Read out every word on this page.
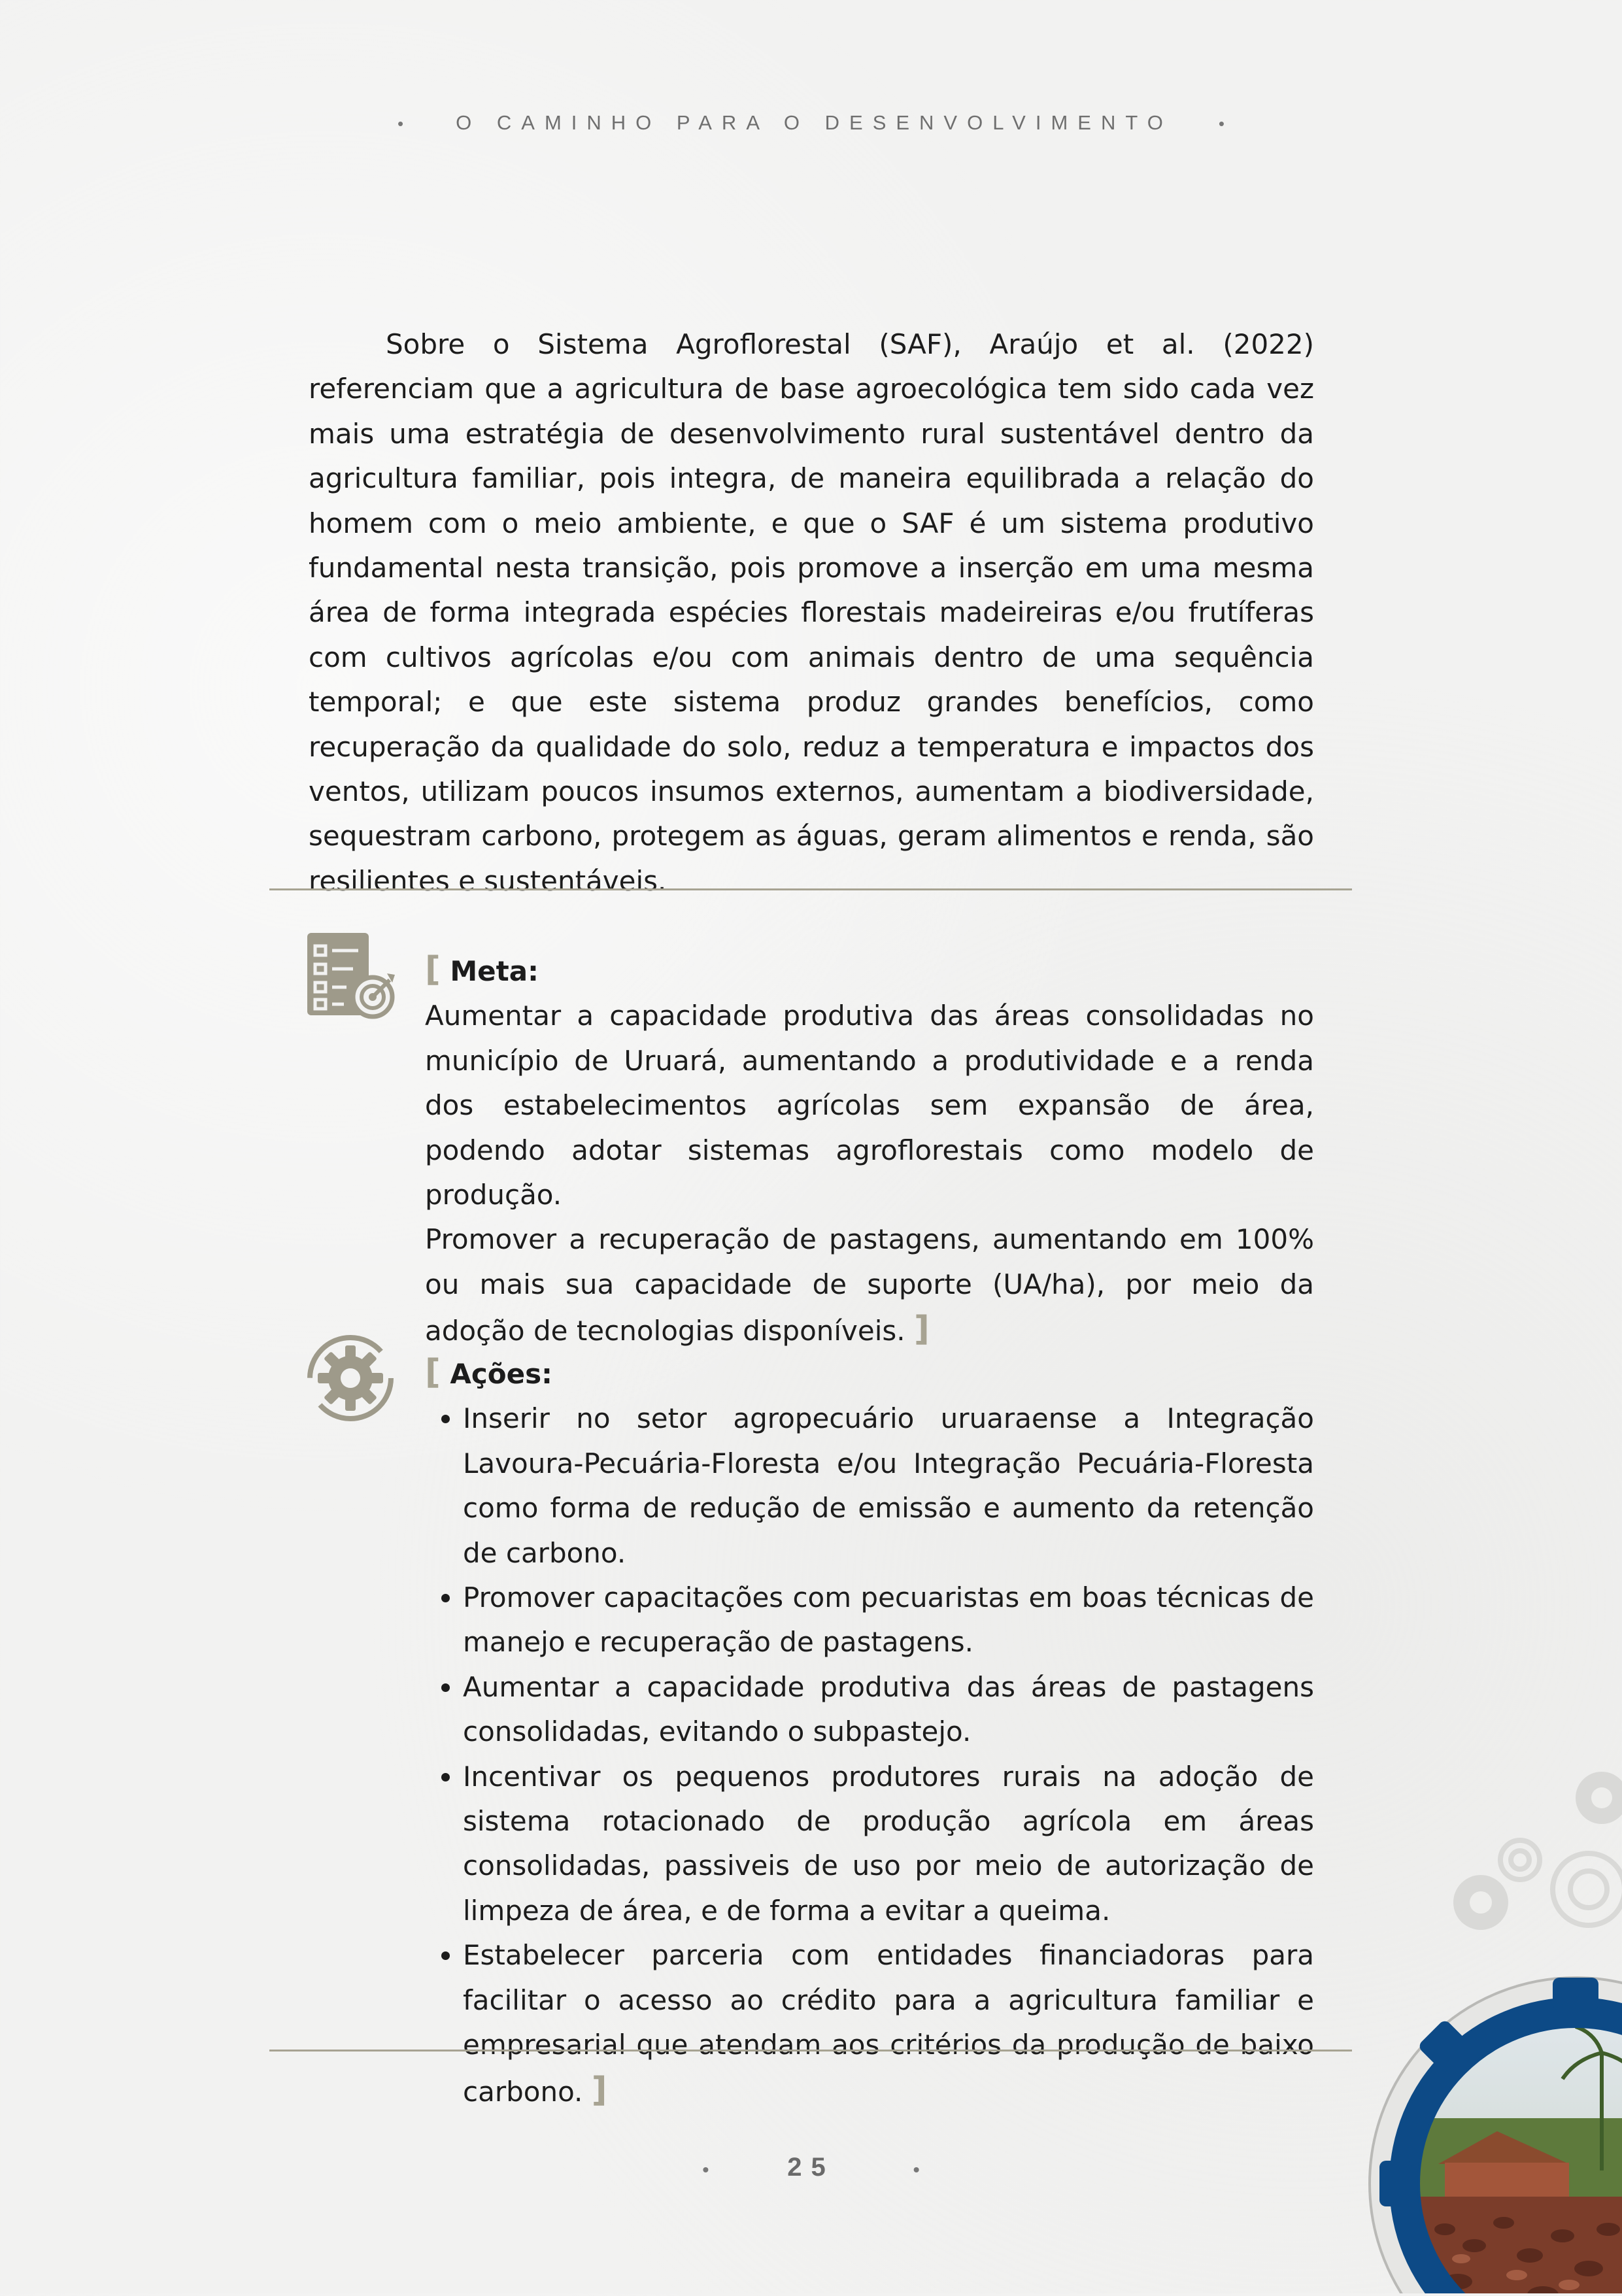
•	O CAMINHO PARA O DESENVOLVIMENTO	•

Sobre o Sistema Agroflorestal (SAF), Araújo et al. (2022) referenciam que a agricultura de base agroecológica tem sido cada vez mais uma estratégia de desenvolvimento rural sustentável dentro da agricultura familiar, pois integra, de maneira equilibrada a relação do homem com o meio ambiente, e que o SAF é um sistema produtivo fundamental nesta transição, pois promove a inserção em uma mesma área de forma integrada espécies florestais madeireiras e/ou frutíferas com cultivos agrícolas e/ou com animais dentro de uma sequência temporal; e que este sistema produz grandes benefícios, como recuperação da qualidade do solo, reduz a temperatura e impactos dos ventos, utilizam poucos insumos externos, aumentam a biodiversidade, sequestram carbono, protegem as águas, geram alimentos e renda, são resilientes e sustentáveis.

[ Meta:

Aumentar a capacidade produtiva das áreas consolidadas no município de Uruará, aumentando a produtividade e a renda dos estabelecimentos agrícolas sem expansão de área, podendo adotar sistemas agroflorestais como modelo de produção.

Promover a recuperação de pastagens, aumentando em 100% ou mais sua capacidade de suporte (UA/ha), por meio da adoção de tecnologias disponíveis. ]

[ Ações:
• Inserir no setor agropecuário uruaraense a Integração Lavoura-Pecuária-Floresta e/ou Integração Pecuária-Floresta como forma de redução de emissão e aumento da retenção de carbono.
• Promover capacitações com pecuaristas em boas técnicas de manejo e recuperação de pastagens.
• Aumentar a capacidade produtiva das áreas de pastagens consolidadas, evitando o subpastejo.
• Incentivar os pequenos produtores rurais na adoção de sistema rotacionado de produção agrícola em áreas consolidadas, passiveis de uso por meio de autorização de limpeza de área, e de forma a evitar a queima.
• Estabelecer parceria com entidades financiadoras para facilitar o acesso ao crédito para a agricultura familiar e empresarial que atendam aos critérios da produção de baixo carbono. ]
•	25	•
